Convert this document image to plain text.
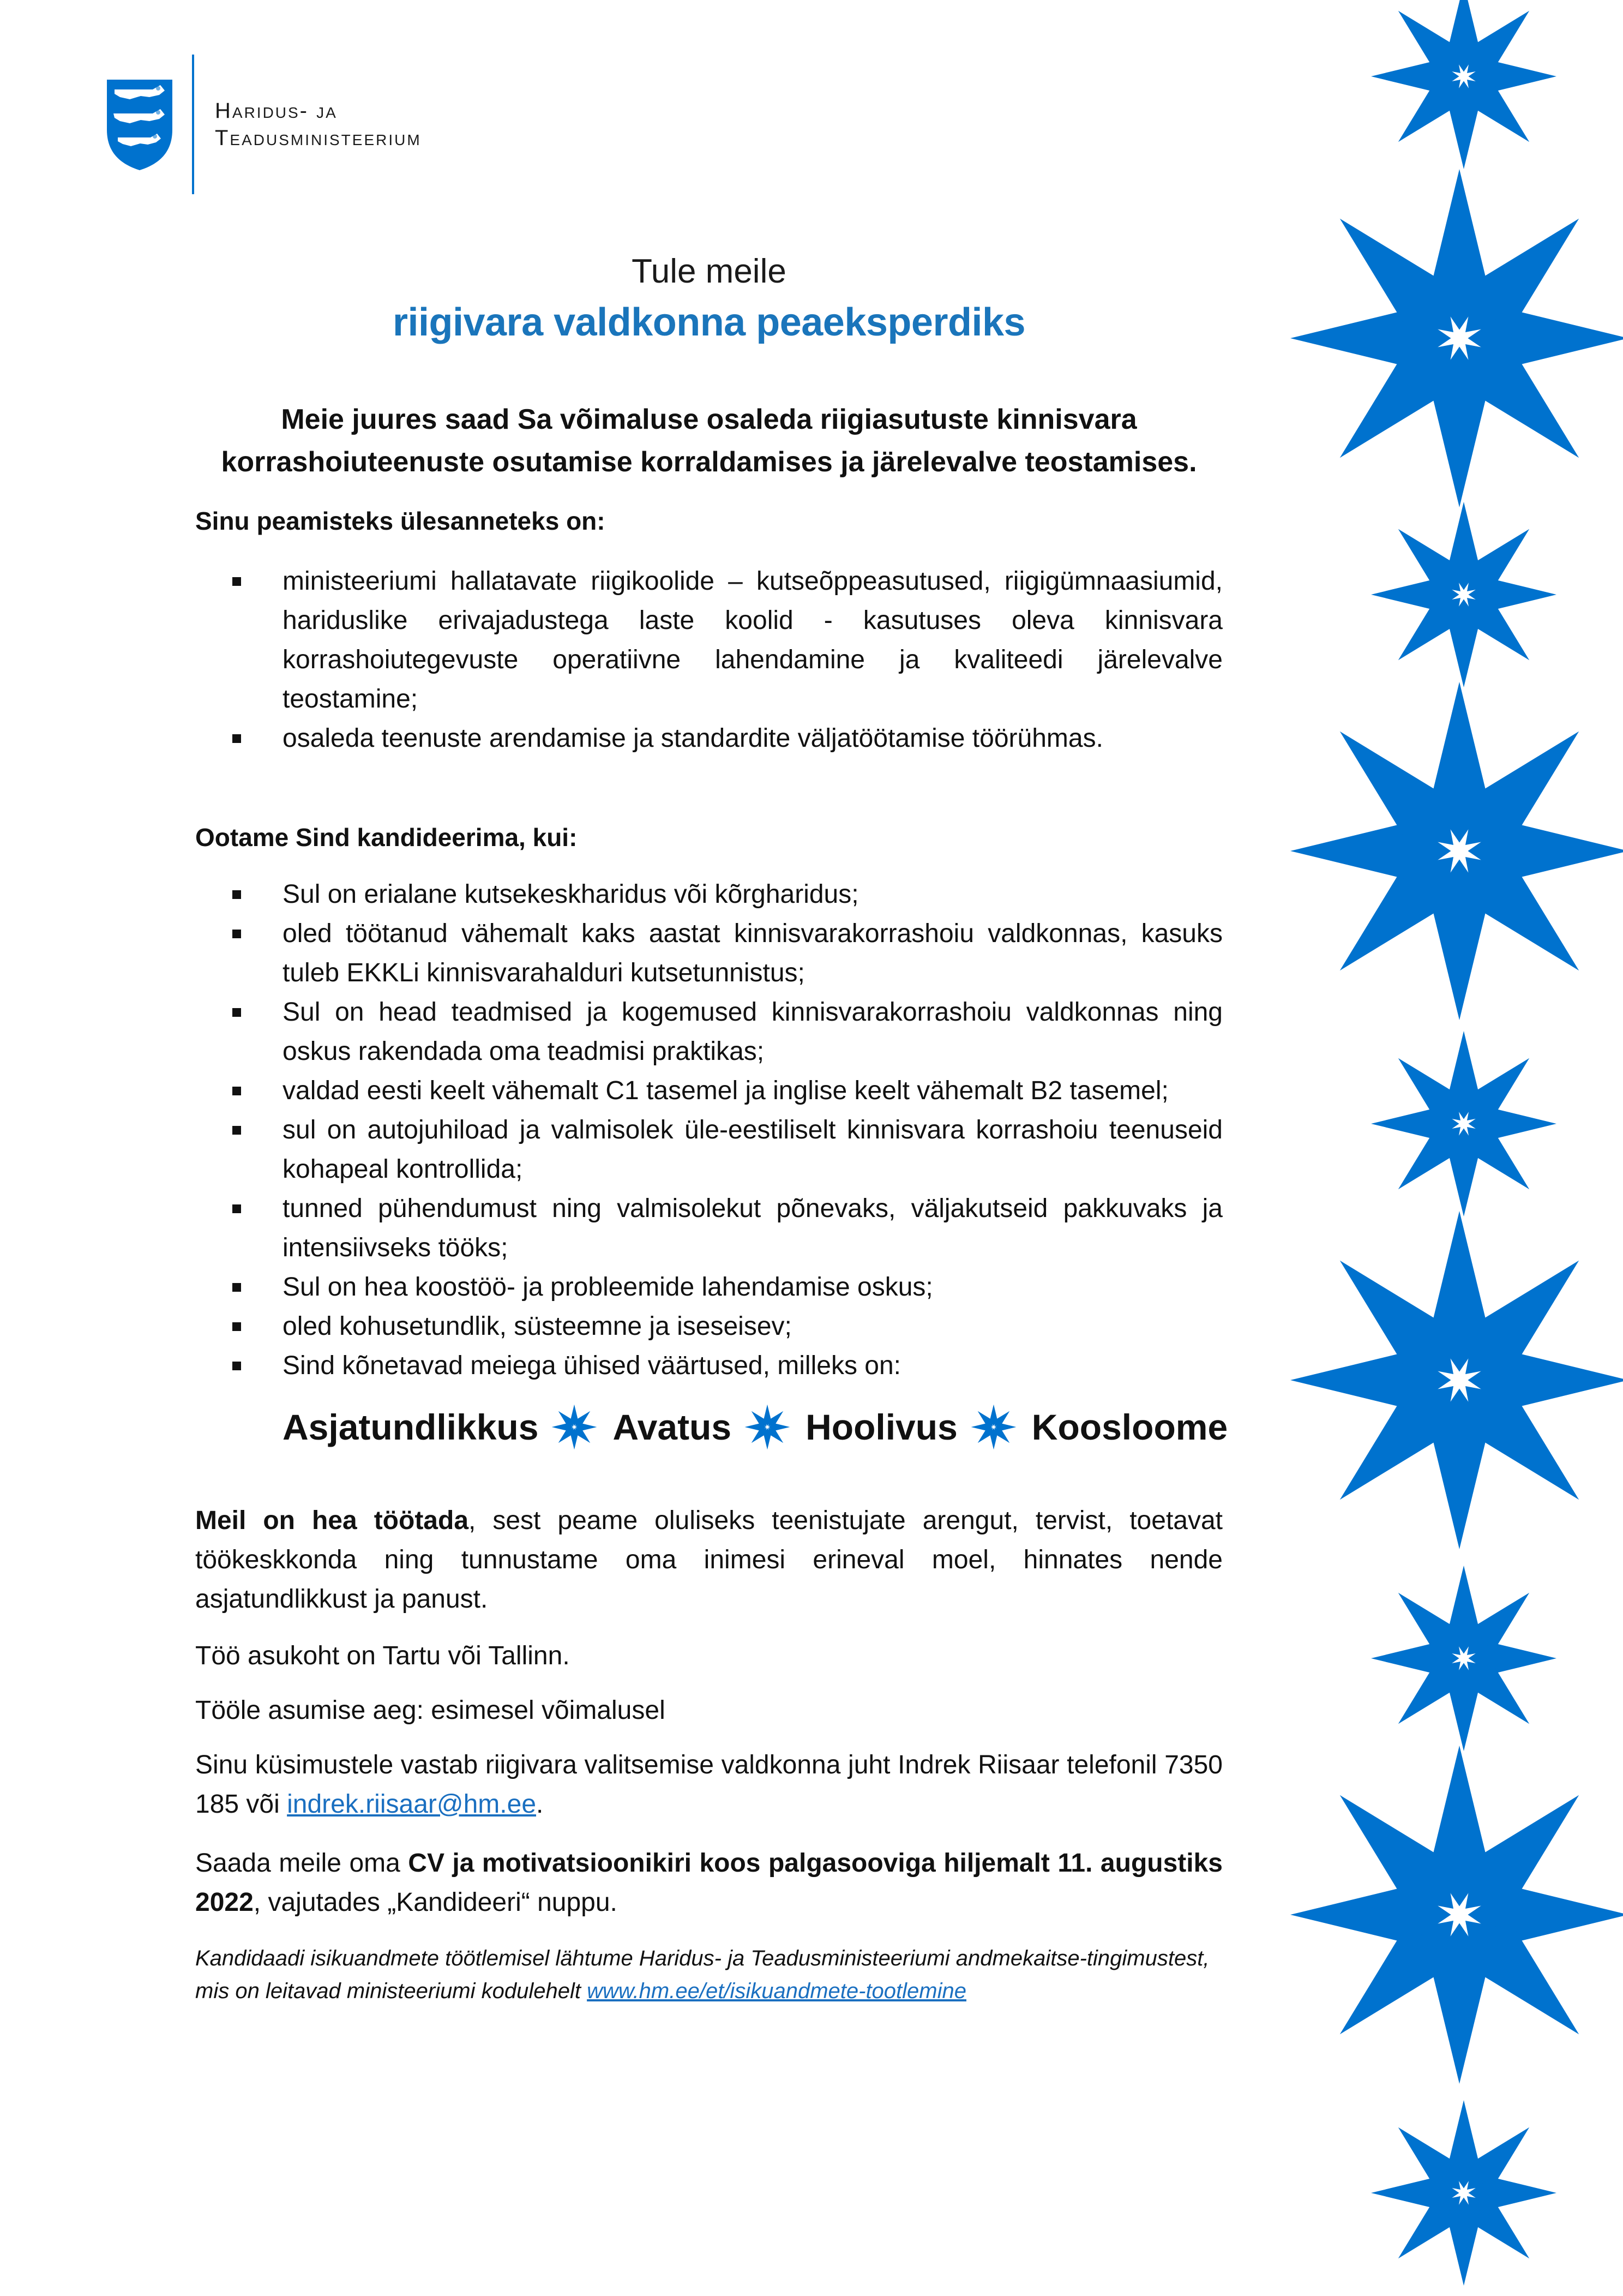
Haridus- ja
Teadusministeerium
Tule meile
riigivara valdkonna peaeksperdiks
Meie juures saad Sa võimaluse osaleda riigiasutuste kinnisvara
korrashoiuteenuste osutamise korraldamises ja järelevalve teostamises.
Sinu peamisteks ülesanneteks on:
ministeeriumi hallatavate riigikoolide – kutseõppeasutused, riigigümnaasiumid, hariduslike erivajadustega laste koolid - kasutuses oleva kinnisvara korrashoiutegevuste operatiivne lahendamine ja kvaliteedi järelevalve teostamine;
osaleda teenuste arendamise ja standardite väljatöötamise töörühmas.
Ootame Sind kandideerima, kui:
Sul on erialane kutsekeskharidus või kõrgharidus;
oled töötanud vähemalt kaks aastat kinnisvarakorrashoiu valdkonnas, kasuks tuleb EKKLi kinnisvarahalduri kutsetunnistus;
Sul on head teadmised ja kogemused kinnisvarakorrashoiu valdkonnas ning oskus rakendada oma teadmisi praktikas;
valdad eesti keelt vähemalt C1 tasemel ja inglise keelt vähemalt B2 tasemel;
sul on autojuhiload ja valmisolek üle-eestiliselt kinnisvara korrashoiu teenuseid kohapeal kontrollida;
tunned pühendumust ning valmisolekut põnevaks, väljakutseid pakkuvaks ja intensiivseks tööks;
Sul on hea koostöö- ja probleemide lahendamise oskus;
oled kohusetundlik, süsteemne ja iseseisev;
Sind kõnetavad meiega ühised väärtused, milleks on:
Asjatundlikkus Avatus Hoolivus Koosloome
Meil on hea töötada, sest peame oluliseks teenistujate arengut, tervist, toetavat töökeskkonda ning tunnustame oma inimesi erineval moel, hinnates nende asjatundlikkust ja panust.
Töö asukoht on Tartu või Tallinn.
Tööle asumise aeg: esimesel võimalusel
Sinu küsimustele vastab riigivara valitsemise valdkonna juht Indrek Riisaar telefonil 7350 185 või indrek.riisaar@hm.ee.
Saada meile oma CV ja motivatsioonikiri koos palgasooviga hiljemalt 11. augustiks 2022, vajutades „Kandideeri“ nuppu.
Kandidaadi isikuandmete töötlemisel lähtume Haridus- ja Teadusministeeriumi andmekaitse-tingimustest, mis on leitavad ministeeriumi kodulehelt www.hm.ee/et/isikuandmete-tootlemine
